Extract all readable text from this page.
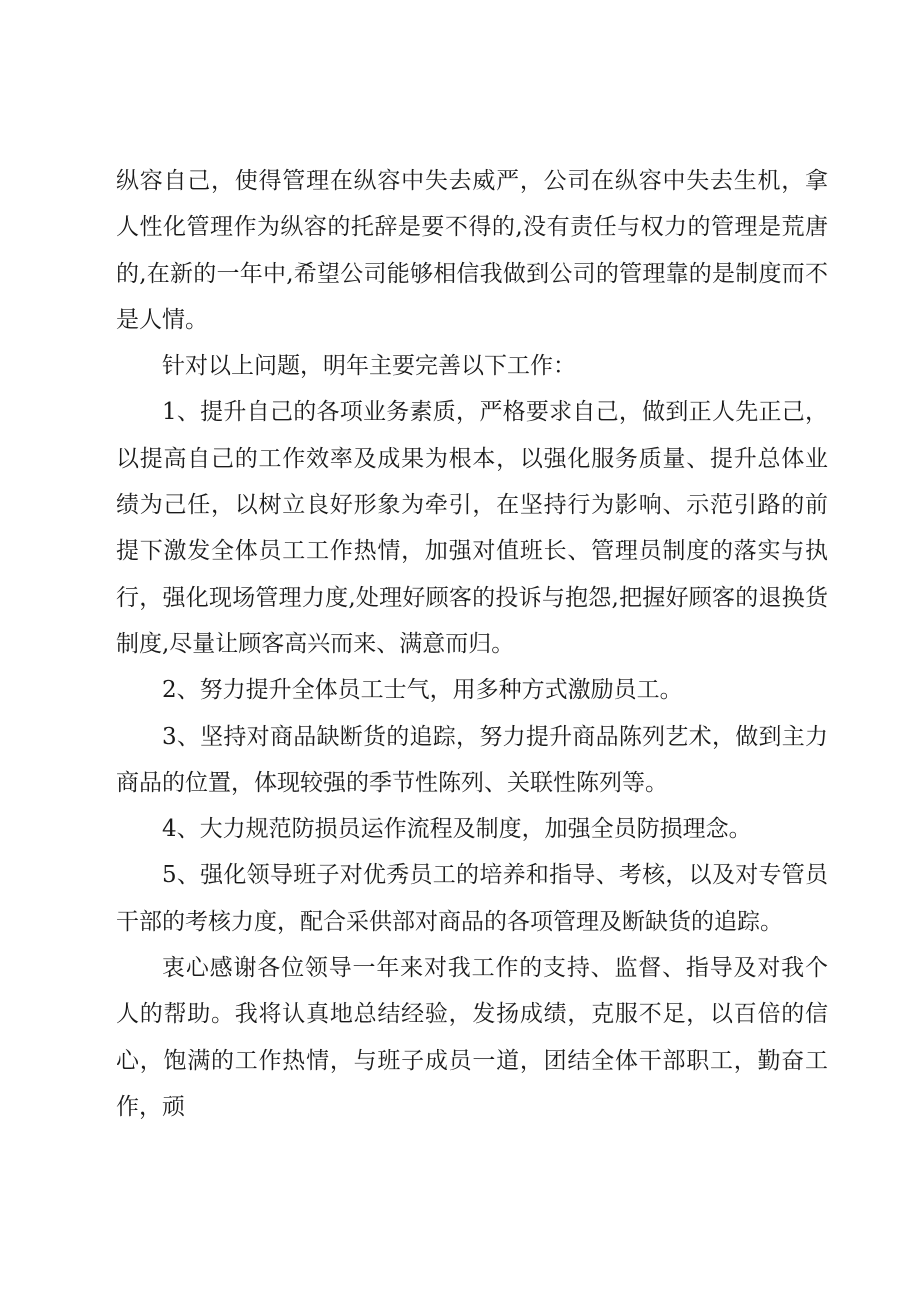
纵容自己，使得管理在纵容中失去威严，公司在纵容中失去生机，拿人性化管理作为纵容的托辞是要不得的,没有责任与权力的管理是荒唐的,在新的一年中,希望公司能够相信我做到公司的管理靠的是制度而不是人情。

针对以上问题，明年主要完善以下工作：

1、提升自己的各项业务素质，严格要求自己，做到正人先正己，以提高自己的工作效率及成果为根本，以强化服务质量、提升总体业绩为己任，以树立良好形象为牵引，在坚持行为影响、示范引路的前提下激发全体员工工作热情，加强对值班长、管理员制度的落实与执行，强化现场管理力度,处理好顾客的投诉与抱怨,把握好顾客的退换货制度,尽量让顾客高兴而来、满意而归。

2、努力提升全体员工士气，用多种方式激励员工。

3、坚持对商品缺断货的追踪，努力提升商品陈列艺术，做到主力商品的位置，体现较强的季节性陈列、关联性陈列等。

4、大力规范防损员运作流程及制度，加强全员防损理念。

5、强化领导班子对优秀员工的培养和指导、考核，以及对专管员干部的考核力度，配合采供部对商品的各项管理及断缺货的追踪。

衷心感谢各位领导一年来对我工作的支持、监督、指导及对我个人的帮助。我将认真地总结经验，发扬成绩，克服不足，以百倍的信心，饱满的工作热情，与班子成员一道，团结全体干部职工，勤奋工作，顽
